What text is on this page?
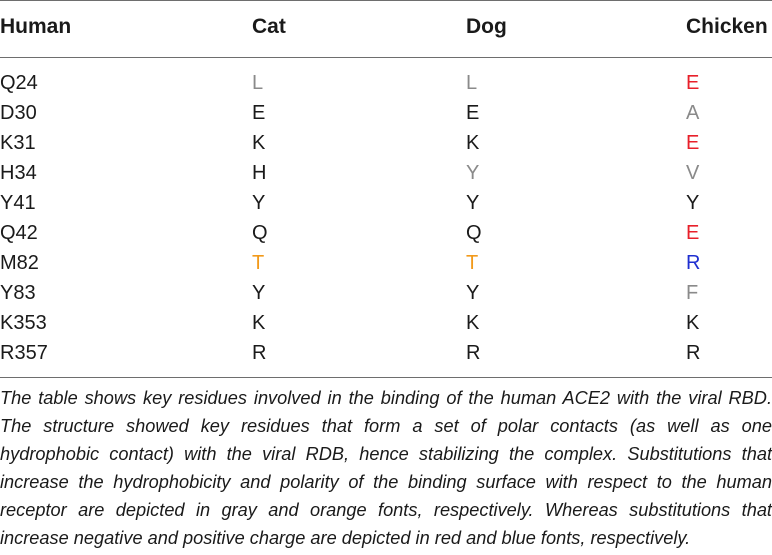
Human	Cat	Dog	Chicken
Q24	L	L	E
D30	E	E	A
K31	K	K	E
H34	H	Y	V
Y41	Y	Y	Y
Q42	Q	Q	E
M82	T	T	R
Y83	Y	Y	F
K353	K	K	K
R357	R	R	R
The table shows key residues involved in the binding of the human ACE2 with the viral RBD. The structure showed key residues that form a set of polar contacts (as well as one hydrophobic contact) with the viral RDB, hence stabilizing the complex. Substitutions that increase the hydrophobicity and polarity of the binding surface with respect to the human receptor are depicted in gray and orange fonts, respectively. Whereas substitutions that increase negative and positive charge are depicted in red and blue fonts, respectively.
